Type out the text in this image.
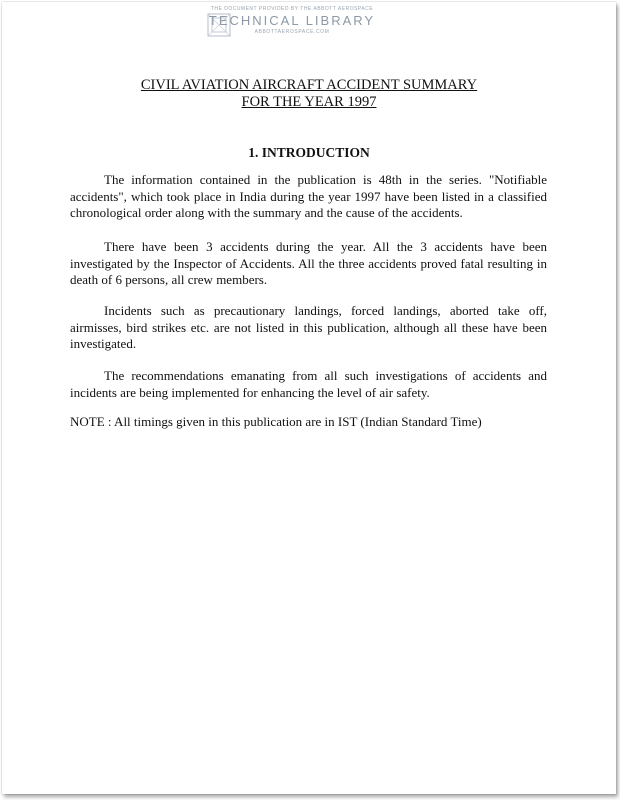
THE DOCUMENT PROVIDED BY THE ABBOTT AEROSPACE
TECHNICAL LIBRARY
ABBOTTAEROSPACE.COM
CIVIL AVIATION AIRCRAFT ACCIDENT SUMMARY
FOR THE YEAR 1997
1. INTRODUCTION
The information contained in the publication is 48th in the series. "Notifiable accidents", which took place in India during the year 1997 have been listed in a classified chronological order along with the summary and the cause of the accidents.
There have been 3 accidents during the year. All the 3 accidents have been investigated by the Inspector of Accidents. All the three accidents proved fatal resulting in death of 6 persons, all crew members.
Incidents such as precautionary landings, forced landings, aborted take off, airmisses, bird strikes etc. are not listed in this publication, although all these have been investigated.
The recommendations emanating from all such investigations of accidents and incidents are being implemented for enhancing the level of air safety.
NOTE : All timings given in this publication are in IST (Indian Standard Time)
